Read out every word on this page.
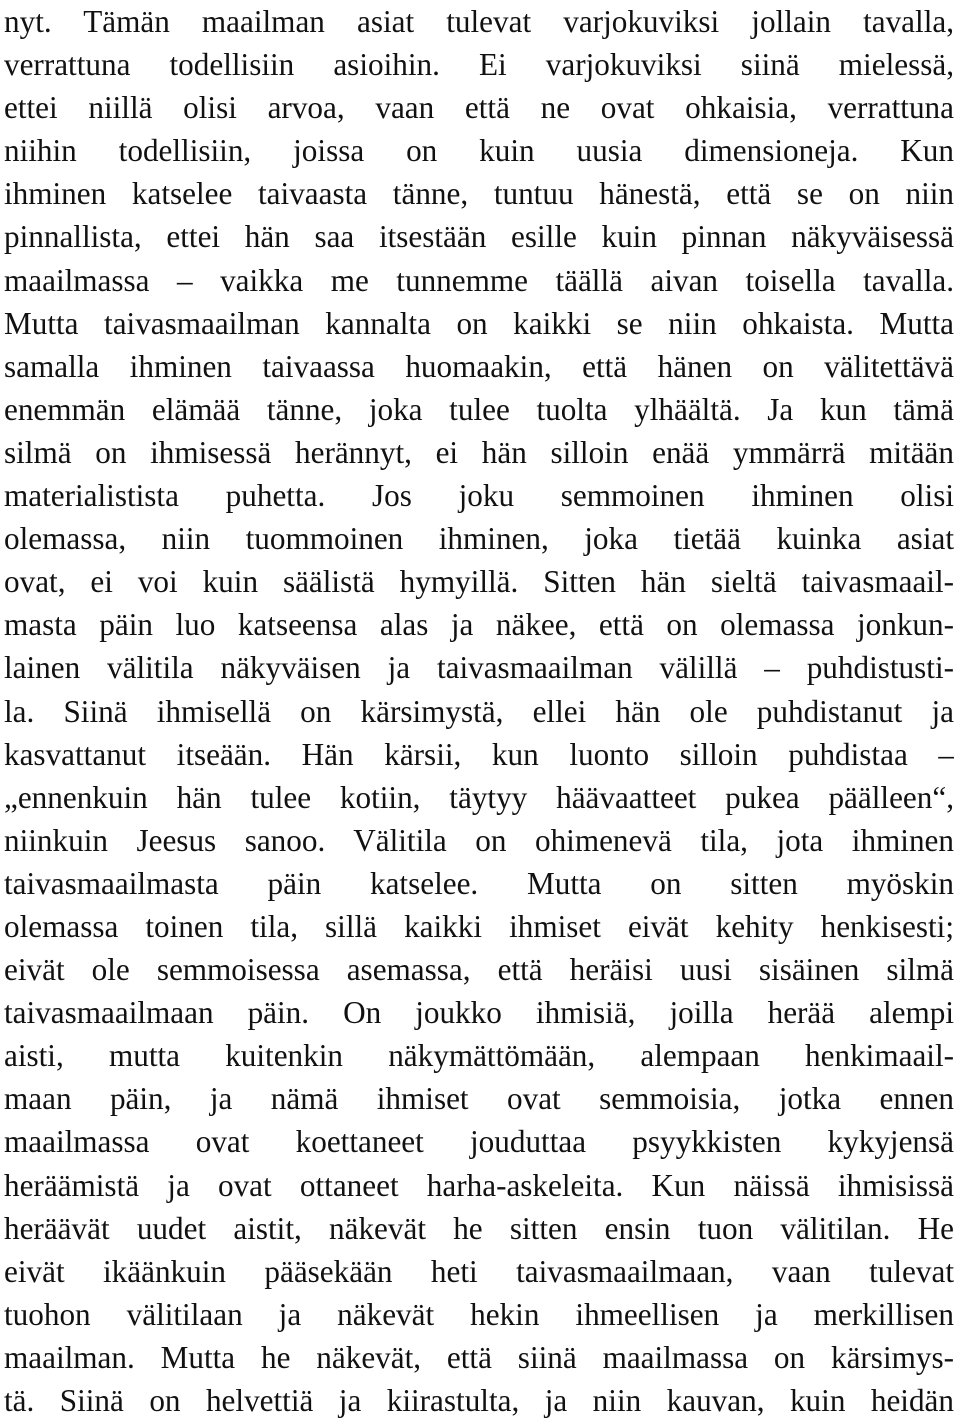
nyt. Tämän maailman asiat tulevat varjokuviksi jollain tavalla,
verrattuna todellisiin asioihin. Ei varjokuviksi siinä mielessä,
ettei niillä olisi arvoa, vaan että ne ovat ohkaisia, verrattuna
niihin todellisiin, joissa on kuin uusia dimensioneja. Kun
ihminen katselee taivaasta tänne, tuntuu hänestä, että se on niin
pinnallista, ettei hän saa itsestään esille kuin pinnan näkyväisessä
maailmassa – vaikka me tunnemme täällä aivan toisella tavalla.
Mutta taivasmaailman kannalta on kaikki se niin ohkaista. Mutta
samalla ihminen taivaassa huomaakin, että hänen on välitettävä
enemmän elämää tänne, joka tulee tuolta ylhäältä. Ja kun tämä
silmä on ihmisessä herännyt, ei hän silloin enää ymmärrä mitään
materialistista puhetta. Jos joku semmoinen ihminen olisi
olemassa, niin tuommoinen ihminen, joka tietää kuinka asiat
ovat, ei voi kuin säälistä hymyillä. Sitten hän sieltä taivasmaail-
masta päin luo katseensa alas ja näkee, että on olemassa jonkun-
lainen välitila näkyväisen ja taivasmaailman välillä – puhdistusti-
la. Siinä ihmisellä on kärsimystä, ellei hän ole puhdistanut ja
kasvattanut itseään. Hän kärsii, kun luonto silloin puhdistaa –
„ennenkuin hän tulee kotiin, täytyy häävaatteet pukea päälleen“,
niinkuin Jeesus sanoo. Välitila on ohimenevä tila, jota ihminen
taivasmaailmasta päin katselee. Mutta on sitten myöskin
olemassa toinen tila, sillä kaikki ihmiset eivät kehity henkisesti;
eivät ole semmoisessa asemassa, että heräisi uusi sisäinen silmä
taivasmaailmaan päin. On joukko ihmisiä, joilla herää alempi
aisti, mutta kuitenkin näkymättömään, alempaan henkimaail-
maan päin, ja nämä ihmiset ovat semmoisia, jotka ennen
maailmassa ovat koettaneet jouduttaa psyykkisten kykyjensä
heräämistä ja ovat ottaneet harha-askeleita. Kun näissä ihmisissä
heräävät uudet aistit, näkevät he sitten ensin tuon välitilan. He
eivät ikäänkuin pääsekään heti taivasmaailmaan, vaan tulevat
tuohon välitilaan ja näkevät hekin ihmeellisen ja merkillisen
maailman. Mutta he näkevät, että siinä maailmassa on kärsimys-
tä. Siinä on helvettiä ja kiirastulta, ja niin kauvan, kuin heidän
